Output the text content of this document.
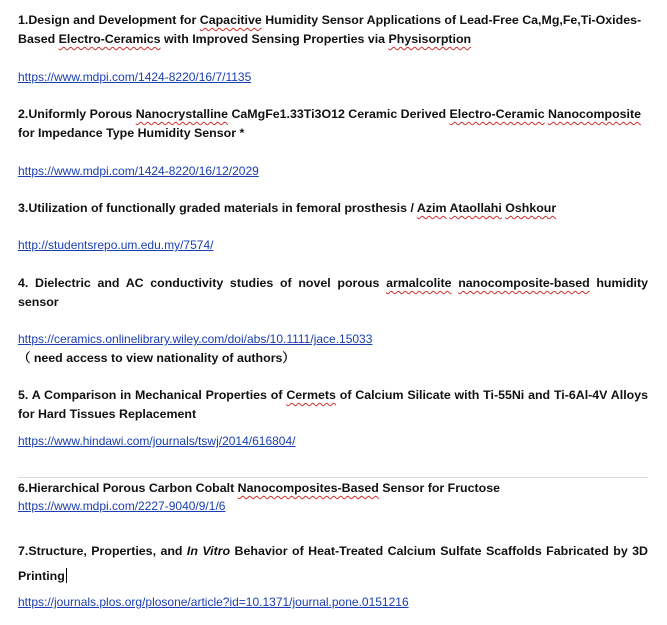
1.Design and Development for Capacitive Humidity Sensor Applications of Lead-Free Ca,Mg,Fe,Ti-Oxides-Based Electro-Ceramics with Improved Sensing Properties via Physisorption

https://www.mdpi.com/1424-8220/16/7/1135

2.Uniformly Porous Nanocrystalline CaMgFe1.33Ti3O12 Ceramic Derived Electro-Ceramic Nanocomposite for Impedance Type Humidity Sensor *

https://www.mdpi.com/1424-8220/16/12/2029

3.Utilization of functionally graded materials in femoral prosthesis / Azim Ataollahi Oshkour

http://studentsrepo.um.edu.my/7574/

4. Dielectric and AC conductivity studies of novel porous armalcolite nanocomposite-based humidity sensor

https://ceramics.onlinelibrary.wiley.com/doi/abs/10.1111/jace.15033（ need access to view nationality of authors）

5. A Comparison in Mechanical Properties of Cermets of Calcium Silicate with Ti-55Ni and Ti-6Al-4V Alloys for Hard Tissues Replacement

https://www.hindawi.com/journals/tswj/2014/616804/

6.Hierarchical Porous Carbon Cobalt Nanocomposites-Based Sensor for Fructose

https://www.mdpi.com/2227-9040/9/1/6

7.Structure, Properties, and In Vitro Behavior of Heat-Treated Calcium Sulfate Scaffolds Fabricated by 3D Printing

https://journals.plos.org/plosone/article?id=10.1371/journal.pone.0151216
